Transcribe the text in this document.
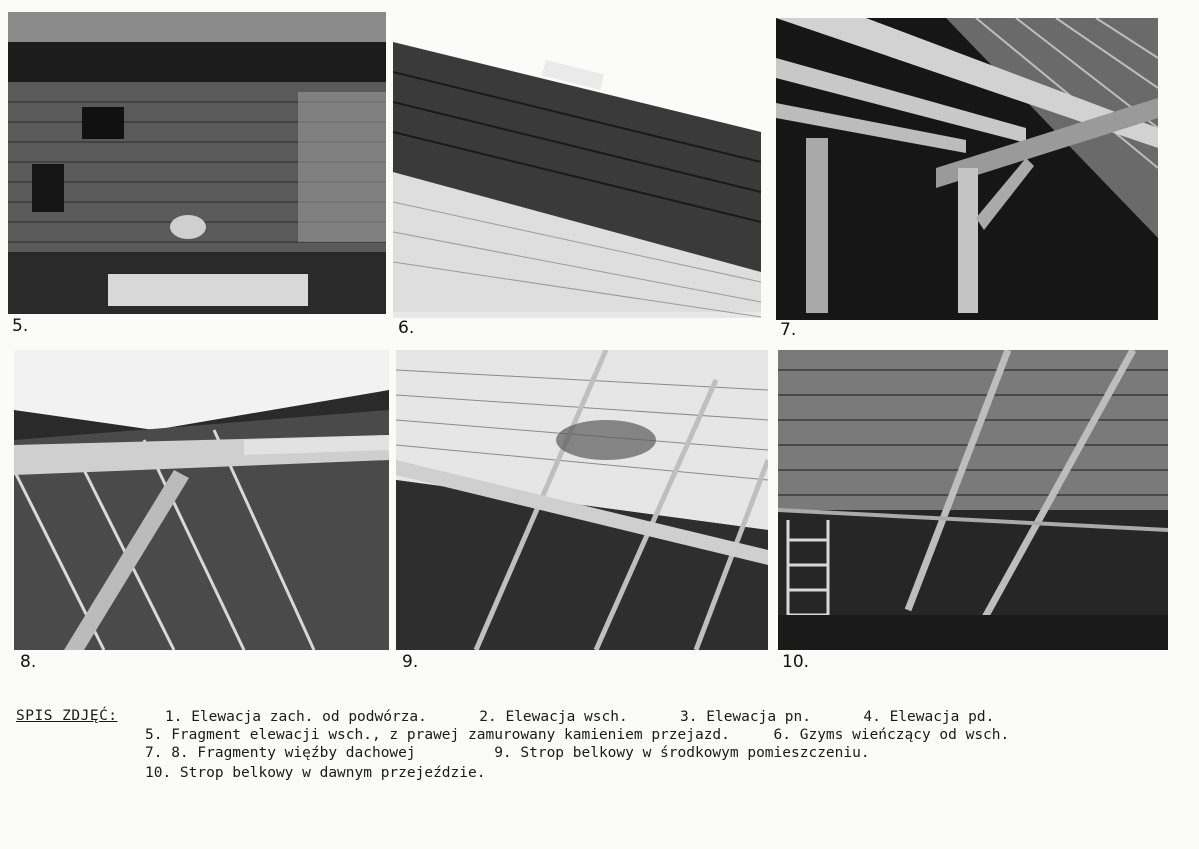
5.	6.	7.
8.	9.	10.
SPIS ZDJĘĆ:	1. Elewacja zach. od podwórza.      2. Elewacja wsch.      3. Elewacja pn.      4. Elewacja pd.
5. Fragment elewacji wsch., z prawej zamurowany kamieniem przejazd.     6. Gzyms wieńczący od wsch.
7. 8. Fragmenty więźby dachowej         9. Strop belkowy w środkowym pomieszczeniu.
10. Strop belkowy w dawnym przejeździe.
